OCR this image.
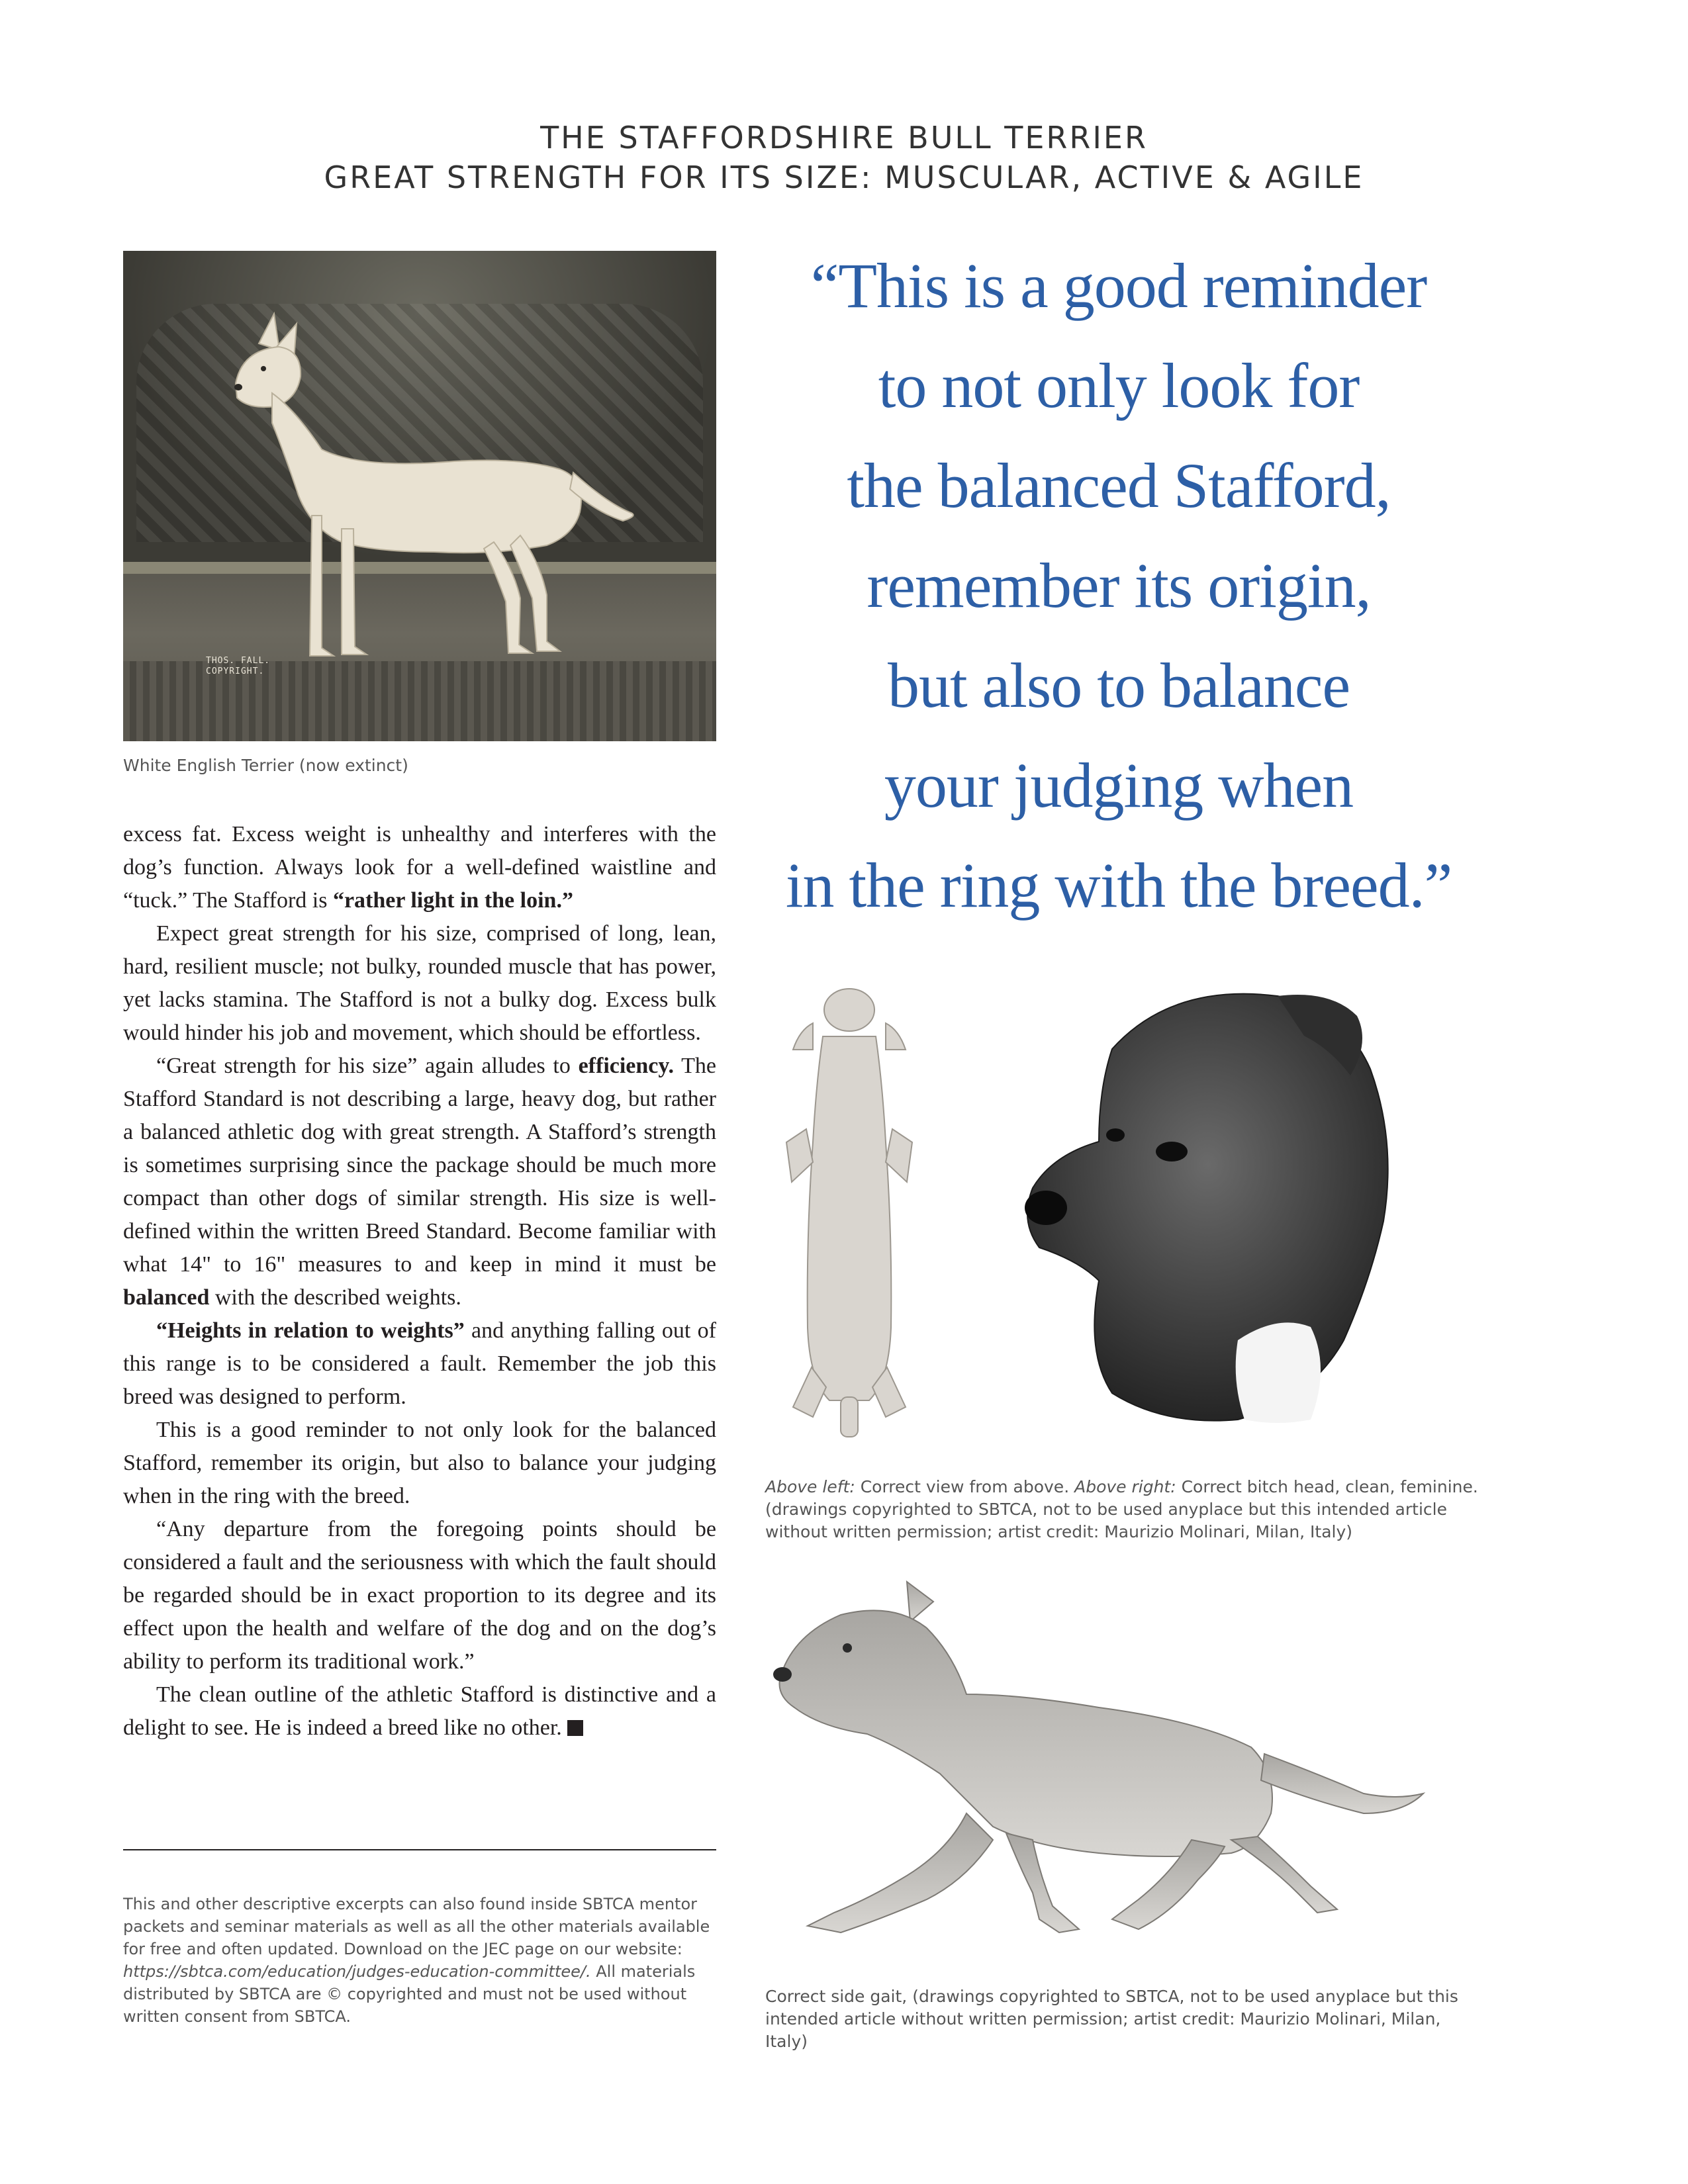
THE STAFFORDSHIRE BULL TERRIER
GREAT STRENGTH FOR ITS SIZE: MUSCULAR, ACTIVE & AGILE
THOS. FALL.
COPYRIGHT.

White English Terrier (now extinct)

excess fat. Excess weight is unhealthy and interferes with the dog’s function. Always look for a well-defined waistline and “tuck.” The Stafford is “rather light in the loin.”

Expect great strength for his size, comprised of long, lean, hard, resilient muscle; not bulky, rounded muscle that has power, yet lacks stamina. The Stafford is not a bulky dog. Excess bulk would hinder his job and movement, which should be effortless.

“Great strength for his size” again alludes to efficiency. The Stafford Standard is not describing a large, heavy dog, but rather a balanced athletic dog with great strength. A Stafford’s strength is sometimes surprising since the package should be much more compact than other dogs of similar strength. His size is well-defined within the written Breed Standard. Become familiar with what 14" to 16" measures to and keep in mind it must be balanced with the described weights.

“Heights in relation to weights” and anything falling out of this range is to be considered a fault. Remember the job this breed was designed to perform.

This is a good reminder to not only look for the balanced Stafford, remember its origin, but also to balance your judging when in the ring with the breed.

“Any departure from the foregoing points should be considered a fault and the seriousness with which the fault should be regarded should be in exact proportion to its degree and its effect upon the health and welfare of the dog and on the dog’s ability to perform its traditional work.”

The clean outline of the athletic Stafford is distinctive and a delight to see. He is indeed a breed like no other.

This and other descriptive excerpts can also found inside SBTCA mentor packets and seminar materials as well as all the other materials available for free and often updated. Download on the JEC page on our website: https://sbtca.com/education/judges-education-committee/. All materials distributed by SBTCA are © copyrighted and must not be used without written consent from SBTCA.

“This is a good reminder
to not only look for
the balanced Stafford,
remember its origin,
but also to balance
your judging when
in the ring with the breed.”

Above left: Correct view from above. Above right: Correct bitch head, clean, feminine. (drawings copyrighted to SBTCA, not to be used anyplace but this intended article without written permission; artist credit: Maurizio Molinari, Milan, Italy)

Correct side gait, (drawings copyrighted to SBTCA, not to be used anyplace but this intended article without written permission; artist credit: Maurizio Molinari, Milan, Italy)
